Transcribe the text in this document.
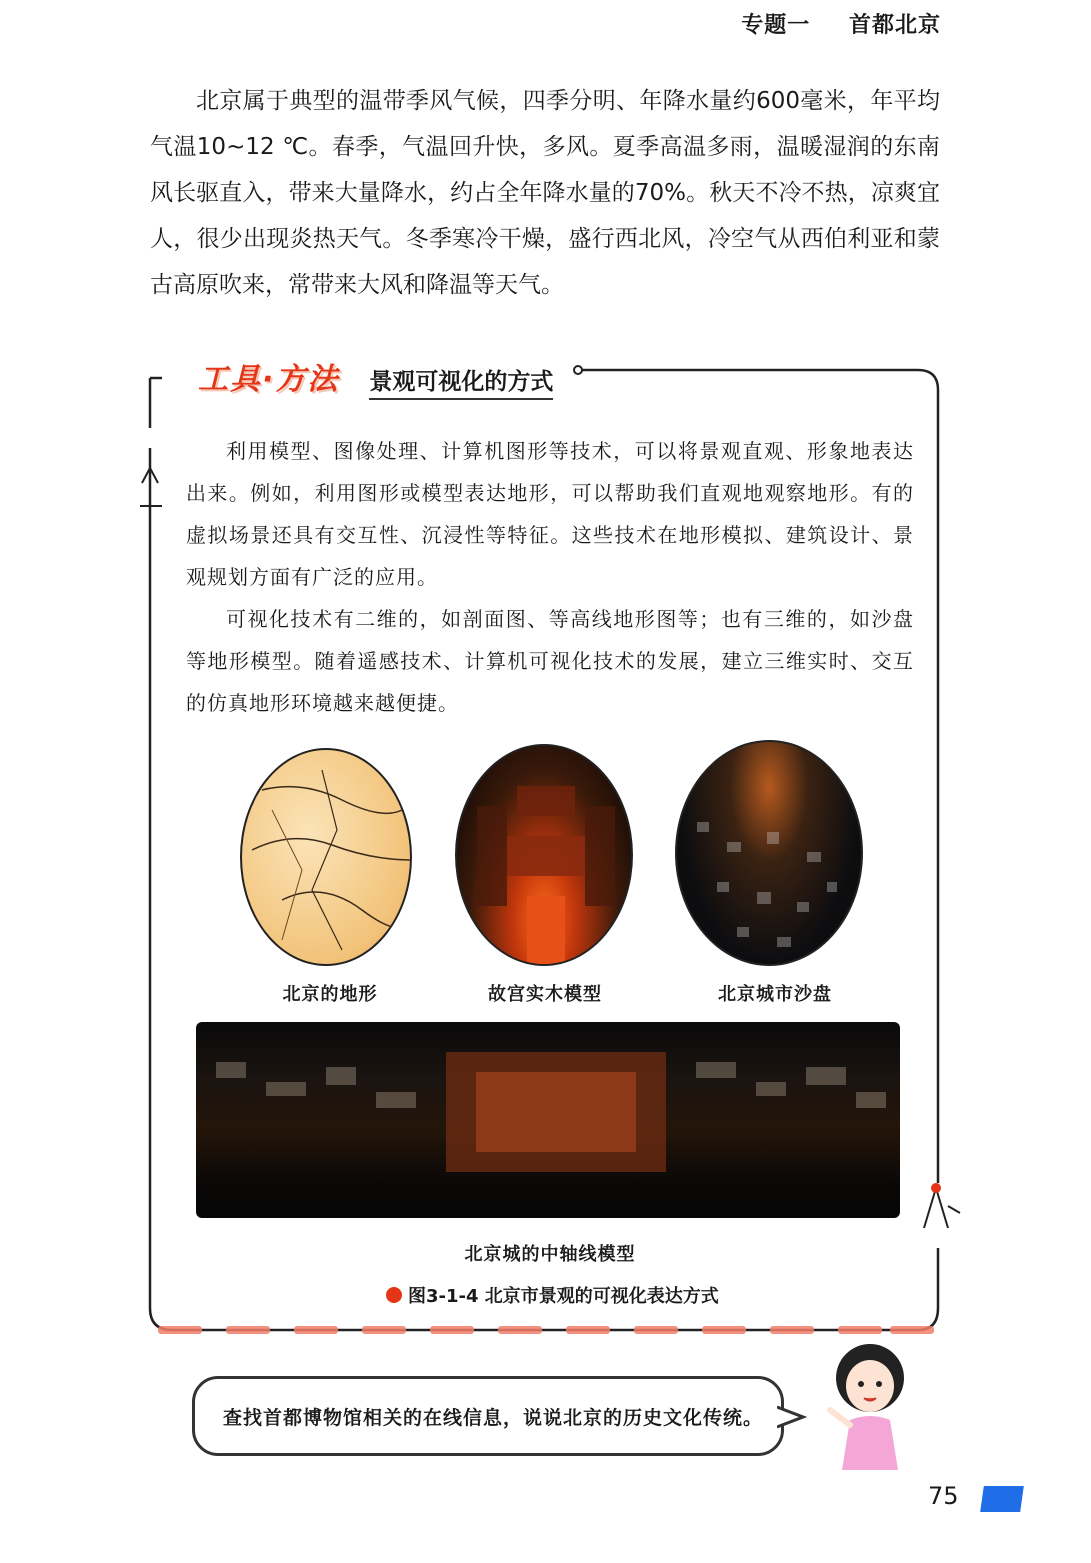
专题一 首都北京

北京属于典型的温带季风气候，四季分明、年降水量约600毫米，年平均气温10~12 ℃。春季，气温回升快，多风。夏季高温多雨，温暖湿润的东南风长驱直入，带来大量降水，约占全年降水量的70%。秋天不冷不热，凉爽宜人，很少出现炎热天气。冬季寒冷干燥，盛行西北风，冷空气从西伯利亚和蒙古高原吹来，常带来大风和降温等天气。

工具·方法 景观可视化的方式

利用模型、图像处理、计算机图形等技术，可以将景观直观、形象地表达出来。例如，利用图形或模型表达地形，可以帮助我们直观地观察地形。有的虚拟场景还具有交互性、沉浸性等特征。这些技术在地形模拟、建筑设计、景观规划方面有广泛的应用。

可视化技术有二维的，如剖面图、等高线地形图等；也有三维的，如沙盘等地形模型。随着遥感技术、计算机可视化技术的发展，建立三维实时、交互的仿真地形环境越来越便捷。

北京的地形	故宫实木模型	北京城市沙盘
北京城的中轴线模型
图3-1-4 北京市景观的可视化表达方式
查找首都博物馆相关的在线信息，说说北京的历史文化传统。
75
